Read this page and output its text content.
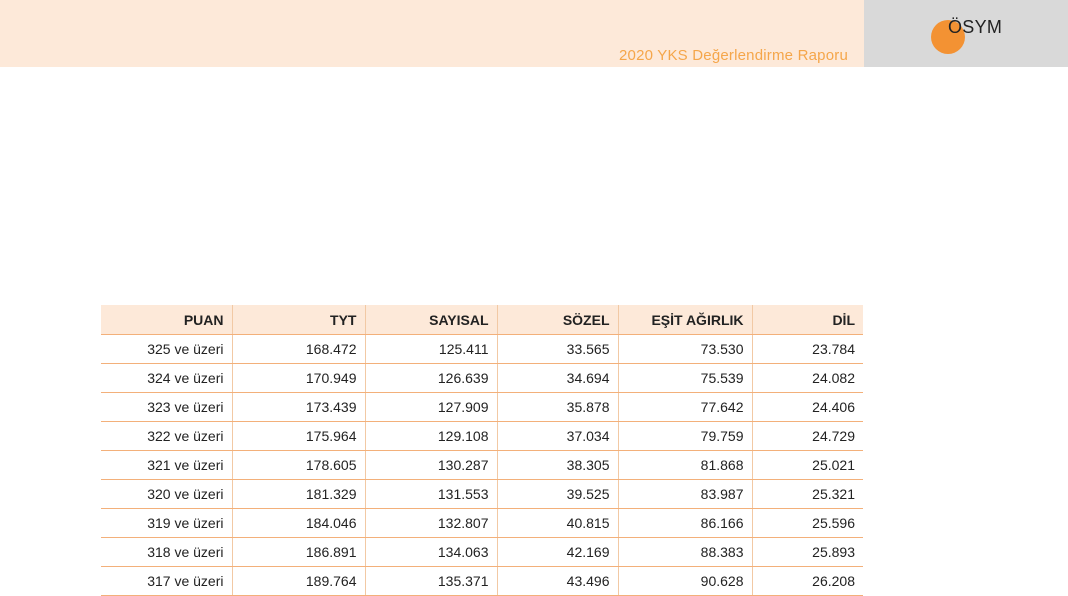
2020 YKS Değerlendirme Raporu
ÖSYM
PUAN	TYT	SAYISAL	SÖZEL	EŞİT AĞIRLIK	DİL
325 ve üzeri	168.472	125.411	33.565	73.530	23.784
324 ve üzeri	170.949	126.639	34.694	75.539	24.082
323 ve üzeri	173.439	127.909	35.878	77.642	24.406
322 ve üzeri	175.964	129.108	37.034	79.759	24.729
321 ve üzeri	178.605	130.287	38.305	81.868	25.021
320 ve üzeri	181.329	131.553	39.525	83.987	25.321
319 ve üzeri	184.046	132.807	40.815	86.166	25.596
318 ve üzeri	186.891	134.063	42.169	88.383	25.893
317 ve üzeri	189.764	135.371	43.496	90.628	26.208
